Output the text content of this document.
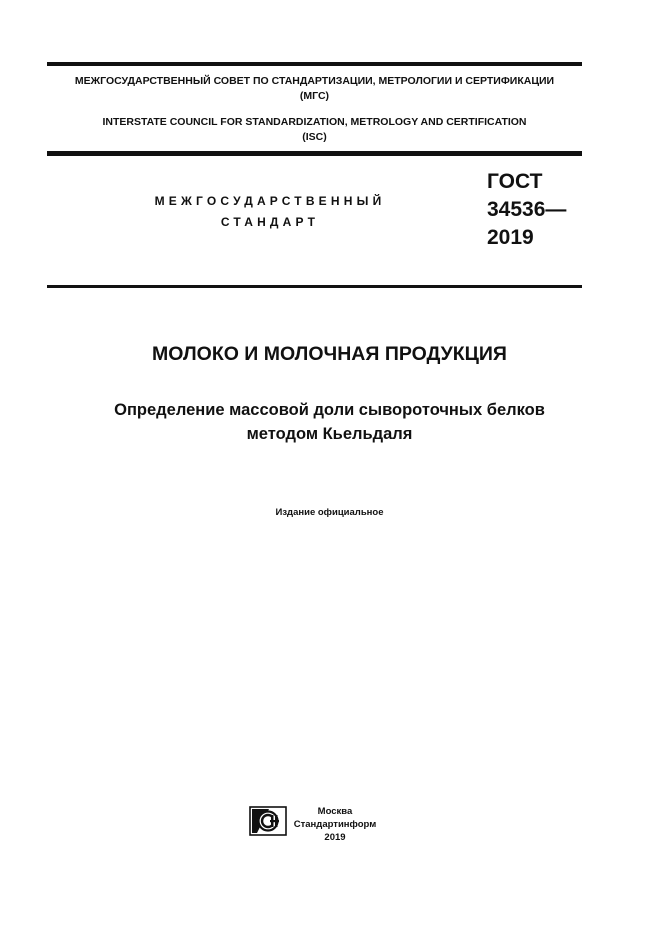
МЕЖГОСУДАРСТВЕННЫЙ СОВЕТ ПО СТАНДАРТИЗАЦИИ, МЕТРОЛОГИИ И СЕРТИФИКАЦИИ
(МГС)
INTERSTATE COUNCIL FOR STANDARDIZATION, METROLOGY AND CERTIFICATION
(ISC)
МЕЖГОСУДАРСТВЕННЫЙ
СТАНДАРТ
ГОСТ
34536—
2019
МОЛОКО И МОЛОЧНАЯ ПРОДУКЦИЯ
Определение массовой доли сывороточных белков
методом Кьельдаля
Издание официальное
Москва
Стандартинформ
2019
